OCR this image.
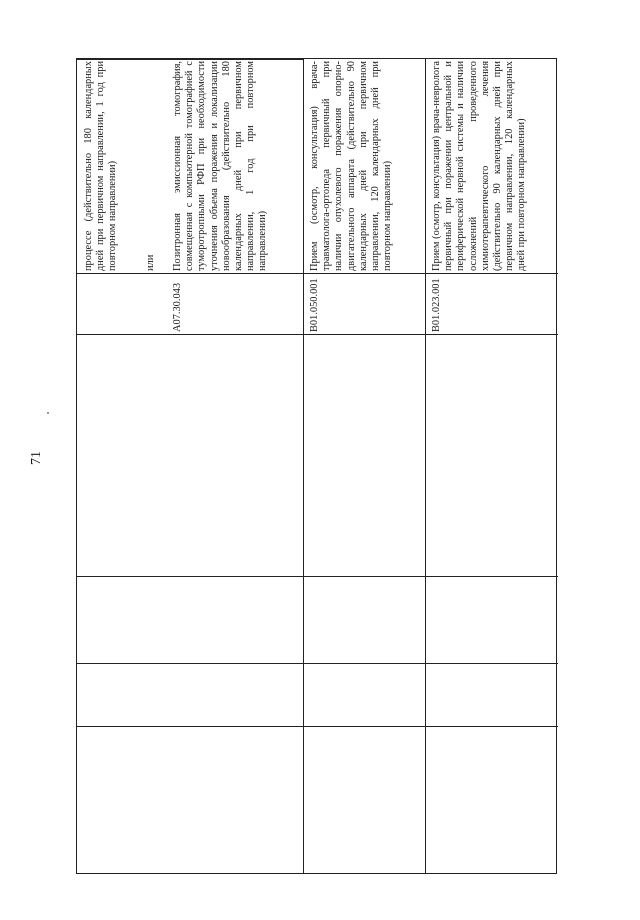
71
процессе (действительно 180 календарных дней при первичном направлении, 1 год при повторном направлении)	или Позитронная эмиссионная томография, совмещенная с компьютерной томографией с туморотропными РФП при необходимости уточнения объема поражения и локализации новообразования (действительно 180 календарных дней при первичном направлении, 1 год при повторном направлении)
A07.30.043
Прием (осмотр, консультация) врача-травматолога-ортопеда первичный при наличии опухолевого поражения опорно-двигательного аппарата (действительно 90 календарных дней при первичном направлении, 120 календарных дней при повторном направлении)
B01.050.001
Прием (осмотр, консультация) врача-невролога первичный при поражении центральной и периферической нервной системы и наличии осложнений проведенного химиотерапевтического лечения (действительно 90 календарных дней при первичном направлении, 120 календарных дней при повторном направлении)
B01.023.001
